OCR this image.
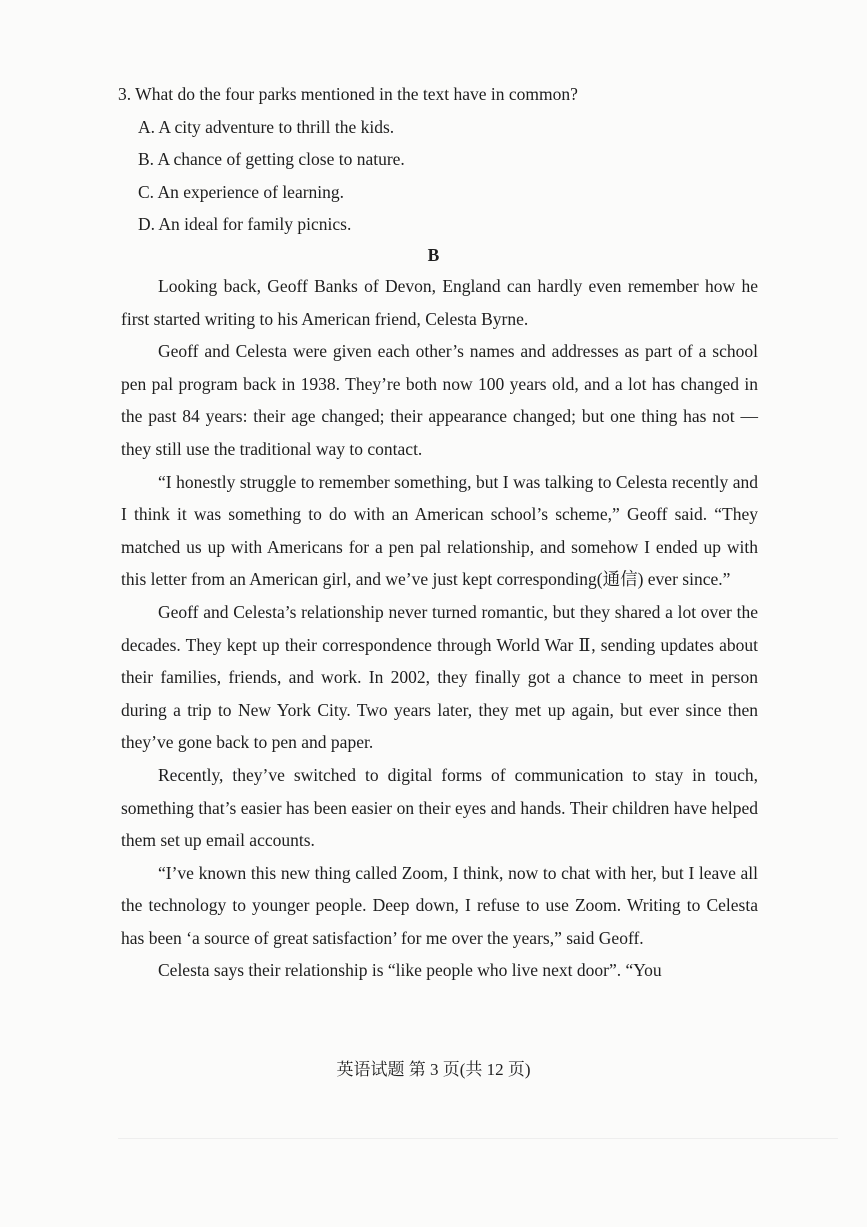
3. What do the four parks mentioned in the text have in common?

A. A city adventure to thrill the kids.

B. A chance of getting close to nature.

C. An experience of learning.

D. An ideal for family picnics.

B

Looking back, Geoff Banks of Devon, England can hardly even remember how he first started writing to his American friend, Celesta Byrne.

Geoff and Celesta were given each other’s names and addresses as part of a school pen pal program back in 1938. They’re both now 100 years old, and a lot has changed in the past 84 years: their age changed; their appearance changed; but one thing has not — they still use the traditional way to contact.

“I honestly struggle to remember something, but I was talking to Celesta recently and I think it was something to do with an American school’s scheme,” Geoff said. “They matched us up with Americans for a pen pal relationship, and somehow I ended up with this letter from an American girl, and we’ve just kept corresponding(通信) ever since.”

Geoff and Celesta’s relationship never turned romantic, but they shared a lot over the decades. They kept up their correspondence through World War Ⅱ, sending updates about their families, friends, and work. In 2002, they finally got a chance to meet in person during a trip to New York City. Two years later, they met up again, but ever since then they’ve gone back to pen and paper.

Recently, they’ve switched to digital forms of communication to stay in touch, something that’s easier has been easier on their eyes and hands. Their children have helped them set up email accounts.

“I’ve known this new thing called Zoom, I think, now to chat with her, but I leave all the technology to younger people. Deep down, I refuse to use Zoom. Writing to Celesta has been ‘a source of great satisfaction’ for me over the years,” said Geoff.

Celesta says their relationship is “like people who live next door”. “You

英语试题 第 3 页(共 12 页)
